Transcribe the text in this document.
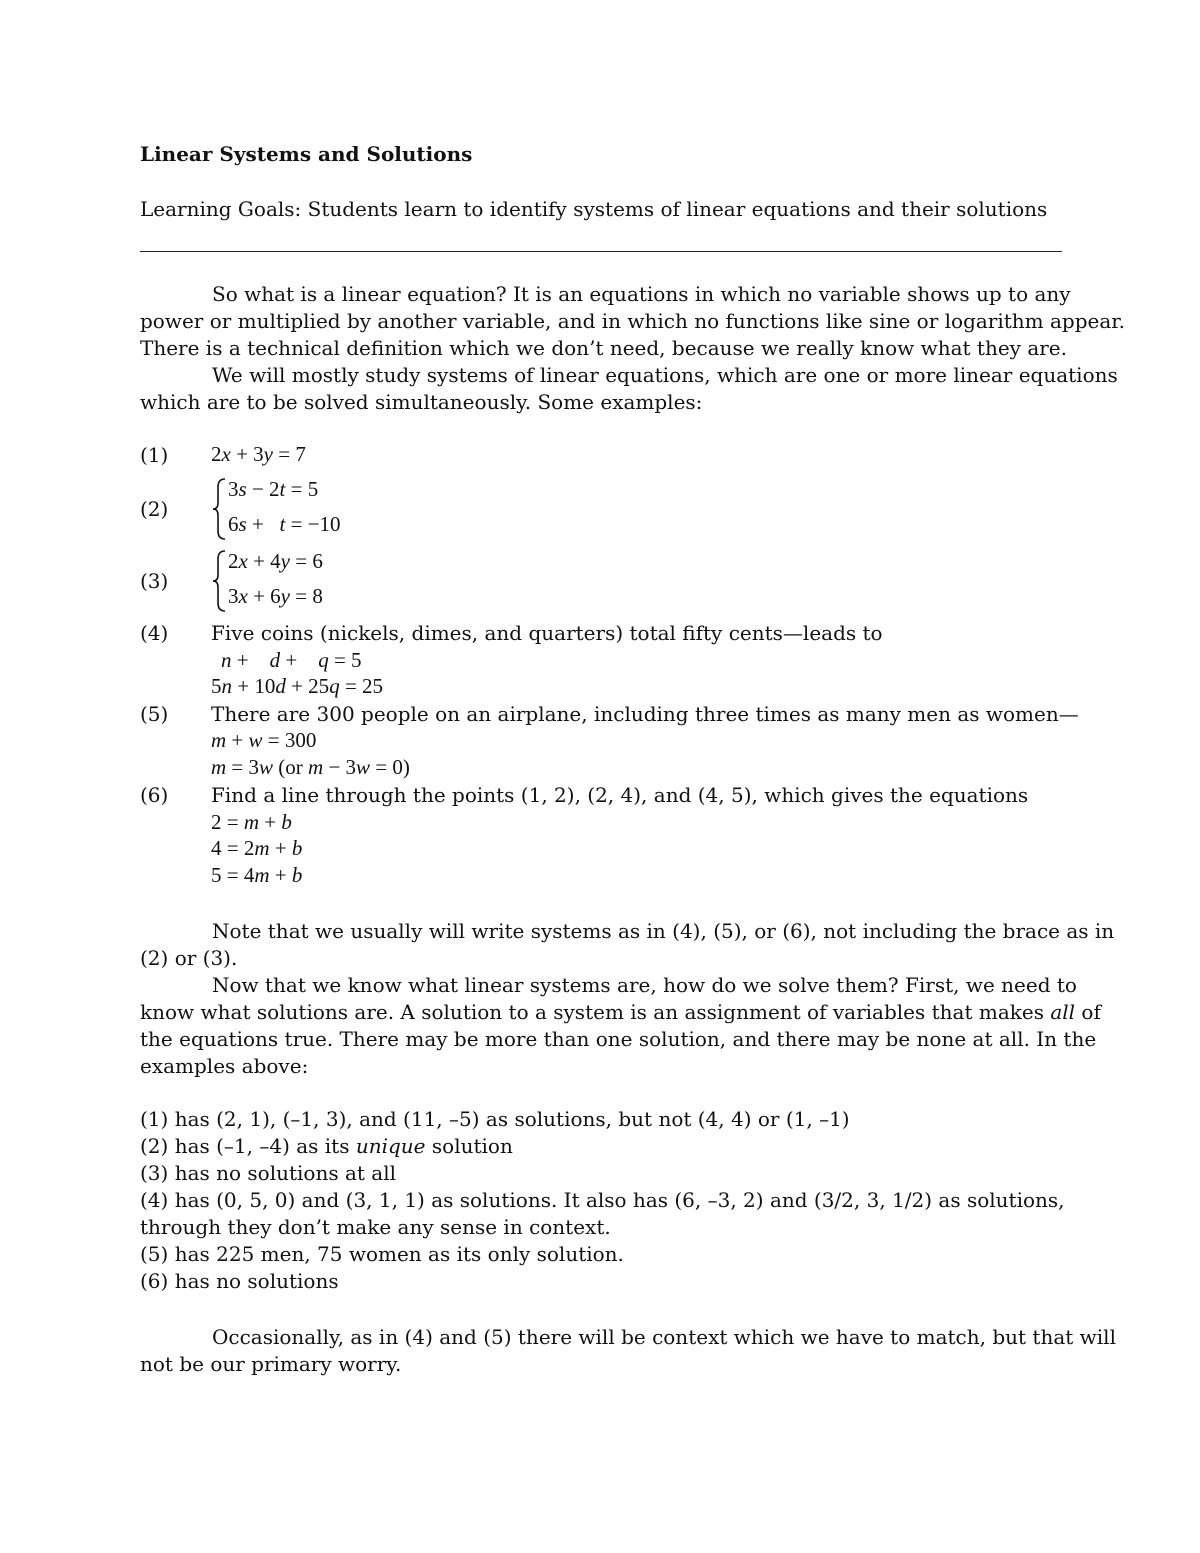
Linear Systems and Solutions
Learning Goals: Students learn to identify systems of linear equations and their solutions
So what is a linear equation? It is an equations in which no variable shows up to any
power or multiplied by another variable, and in which no functions like sine or logarithm appear.
There is a technical definition which we don’t need, because we really know what they are.
We will mostly study systems of linear equations, which are one or more linear equations
which are to be solved simultaneously. Some examples:
(1) 2x + 3y = 7
(2)
3s − 2t = 5
6s +   t = −10
(3)
2x + 4y = 6
3x + 6y = 8
(4) Five coins (nickels, dimes, and quarters) total fifty cents—leads to
n +    d +    q = 5
5n + 10d + 25q = 25
(5) There are 300 people on an airplane, including three times as many men as women—
m + w = 300
m = 3w (or m − 3w = 0)
(6) Find a line through the points (1, 2), (2, 4), and (4, 5), which gives the equations
2 = m + b
4 = 2m + b
5 = 4m + b
Note that we usually will write systems as in (4), (5), or (6), not including the brace as in
(2) or (3).
Now that we know what linear systems are, how do we solve them? First, we need to
know what solutions are. A solution to a system is an assignment of variables that makes all of
the equations true. There may be more than one solution, and there may be none at all. In the
examples above:
(1) has (2, 1), (–1, 3), and (11, –5) as solutions, but not (4, 4) or (1, –1)
(2) has (–1, –4) as its unique solution
(3) has no solutions at all
(4) has (0, 5, 0) and (3, 1, 1) as solutions. It also has (6, –3, 2) and (3/2, 3, 1/2) as solutions,
through they don’t make any sense in context.
(5) has 225 men, 75 women as its only solution.
(6) has no solutions
Occasionally, as in (4) and (5) there will be context which we have to match, but that will
not be our primary worry.
